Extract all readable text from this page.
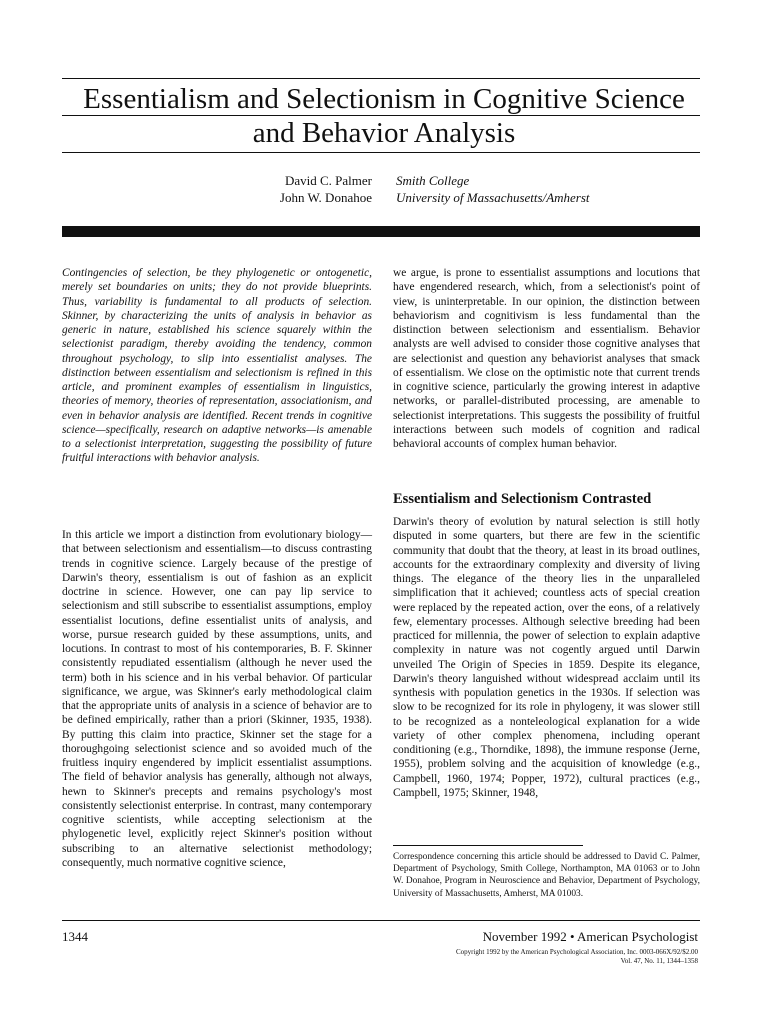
Essentialism and Selectionism in Cognitive Science
and Behavior Analysis
David C. Palmer
John W. Donahoe
Smith College
University of Massachusetts/Amherst

Contingencies of selection, be they phylogenetic or ontogenetic, merely set boundaries on units; they do not provide blueprints. Thus, variability is fundamental to all products of selection. Skinner, by characterizing the units of analysis in behavior as generic in nature, established his science squarely within the selectionist paradigm, thereby avoiding the tendency, common throughout psychology, to slip into essentialist analyses. The distinction between essentialism and selectionism is refined in this article, and prominent examples of essentialism in linguistics, theories of memory, theories of representation, associationism, and even in behavior analysis are identified. Recent trends in cognitive science—specifically, research on adaptive networks—is amenable to a selectionist interpretation, suggesting the possibility of future fruitful interactions with behavior analysis.

In this article we import a distinction from evolutionary biology—that between selectionism and essentialism—to discuss contrasting trends in cognitive science. Largely because of the prestige of Darwin's theory, essentialism is out of fashion as an explicit doctrine in science. However, one can pay lip service to selectionism and still subscribe to essentialist assumptions, employ essentialist locutions, define essentialist units of analysis, and worse, pursue research guided by these assumptions, units, and locutions. In contrast to most of his contemporaries, B. F. Skinner consistently repudiated essentialism (although he never used the term) both in his science and in his verbal behavior. Of particular significance, we argue, was Skinner's early methodological claim that the appropriate units of analysis in a science of behavior are to be defined empirically, rather than a priori (Skinner, 1935, 1938). By putting this claim into practice, Skinner set the stage for a thoroughgoing selectionist science and so avoided much of the fruitless inquiry engendered by implicit essentialist assumptions. The field of behavior analysis has generally, although not always, hewn to Skinner's precepts and remains psychology's most consistently selectionist enterprise. In contrast, many contemporary cognitive scientists, while accepting selectionism at the phylogenetic level, explicitly reject Skinner's position without subscribing to an alternative selectionist methodology; consequently, much normative cognitive science,

we argue, is prone to essentialist assumptions and locutions that have engendered research, which, from a selectionist's point of view, is uninterpretable. In our opinion, the distinction between behaviorism and cognitivism is less fundamental than the distinction between selectionism and essentialism. Behavior analysts are well advised to consider those cognitive analyses that are selectionist and question any behaviorist analyses that smack of essentialism. We close on the optimistic note that current trends in cognitive science, particularly the growing interest in adaptive networks, or parallel-distributed processing, are amenable to selectionist interpretations. This suggests the possibility of fruitful interactions between such models of cognition and radical behavioral accounts of complex human behavior.

Essentialism and Selectionism Contrasted

Darwin's theory of evolution by natural selection is still hotly disputed in some quarters, but there are few in the scientific community that doubt that the theory, at least in its broad outlines, accounts for the extraordinary complexity and diversity of living things. The elegance of the theory lies in the unparalleled simplification that it achieved; countless acts of special creation were replaced by the repeated action, over the eons, of a relatively few, elementary processes. Although selective breeding had been practiced for millennia, the power of selection to explain adaptive complexity in nature was not cogently argued until Darwin unveiled The Origin of Species in 1859. Despite its elegance, Darwin's theory languished without widespread acclaim until its synthesis with population genetics in the 1930s. If selection was slow to be recognized for its role in phylogeny, it was slower still to be recognized as a nonteleological explanation for a wide variety of other complex phenomena, including operant conditioning (e.g., Thorndike, 1898), the immune response (Jerne, 1955), problem solving and the acquisition of knowledge (e.g., Campbell, 1960, 1974; Popper, 1972), cultural practices (e.g., Campbell, 1975; Skinner, 1948,

Correspondence concerning this article should be addressed to David C. Palmer, Department of Psychology, Smith College, Northampton, MA 01063 or to John W. Donahoe, Program in Neuroscience and Behavior, Department of Psychology, University of Massachusetts, Amherst, MA 01003.

1344	November 1992 • American Psychologist
Copyright 1992 by the American Psychological Association, Inc. 0003-066X/92/$2.00
Vol. 47, No. 11, 1344–1358
